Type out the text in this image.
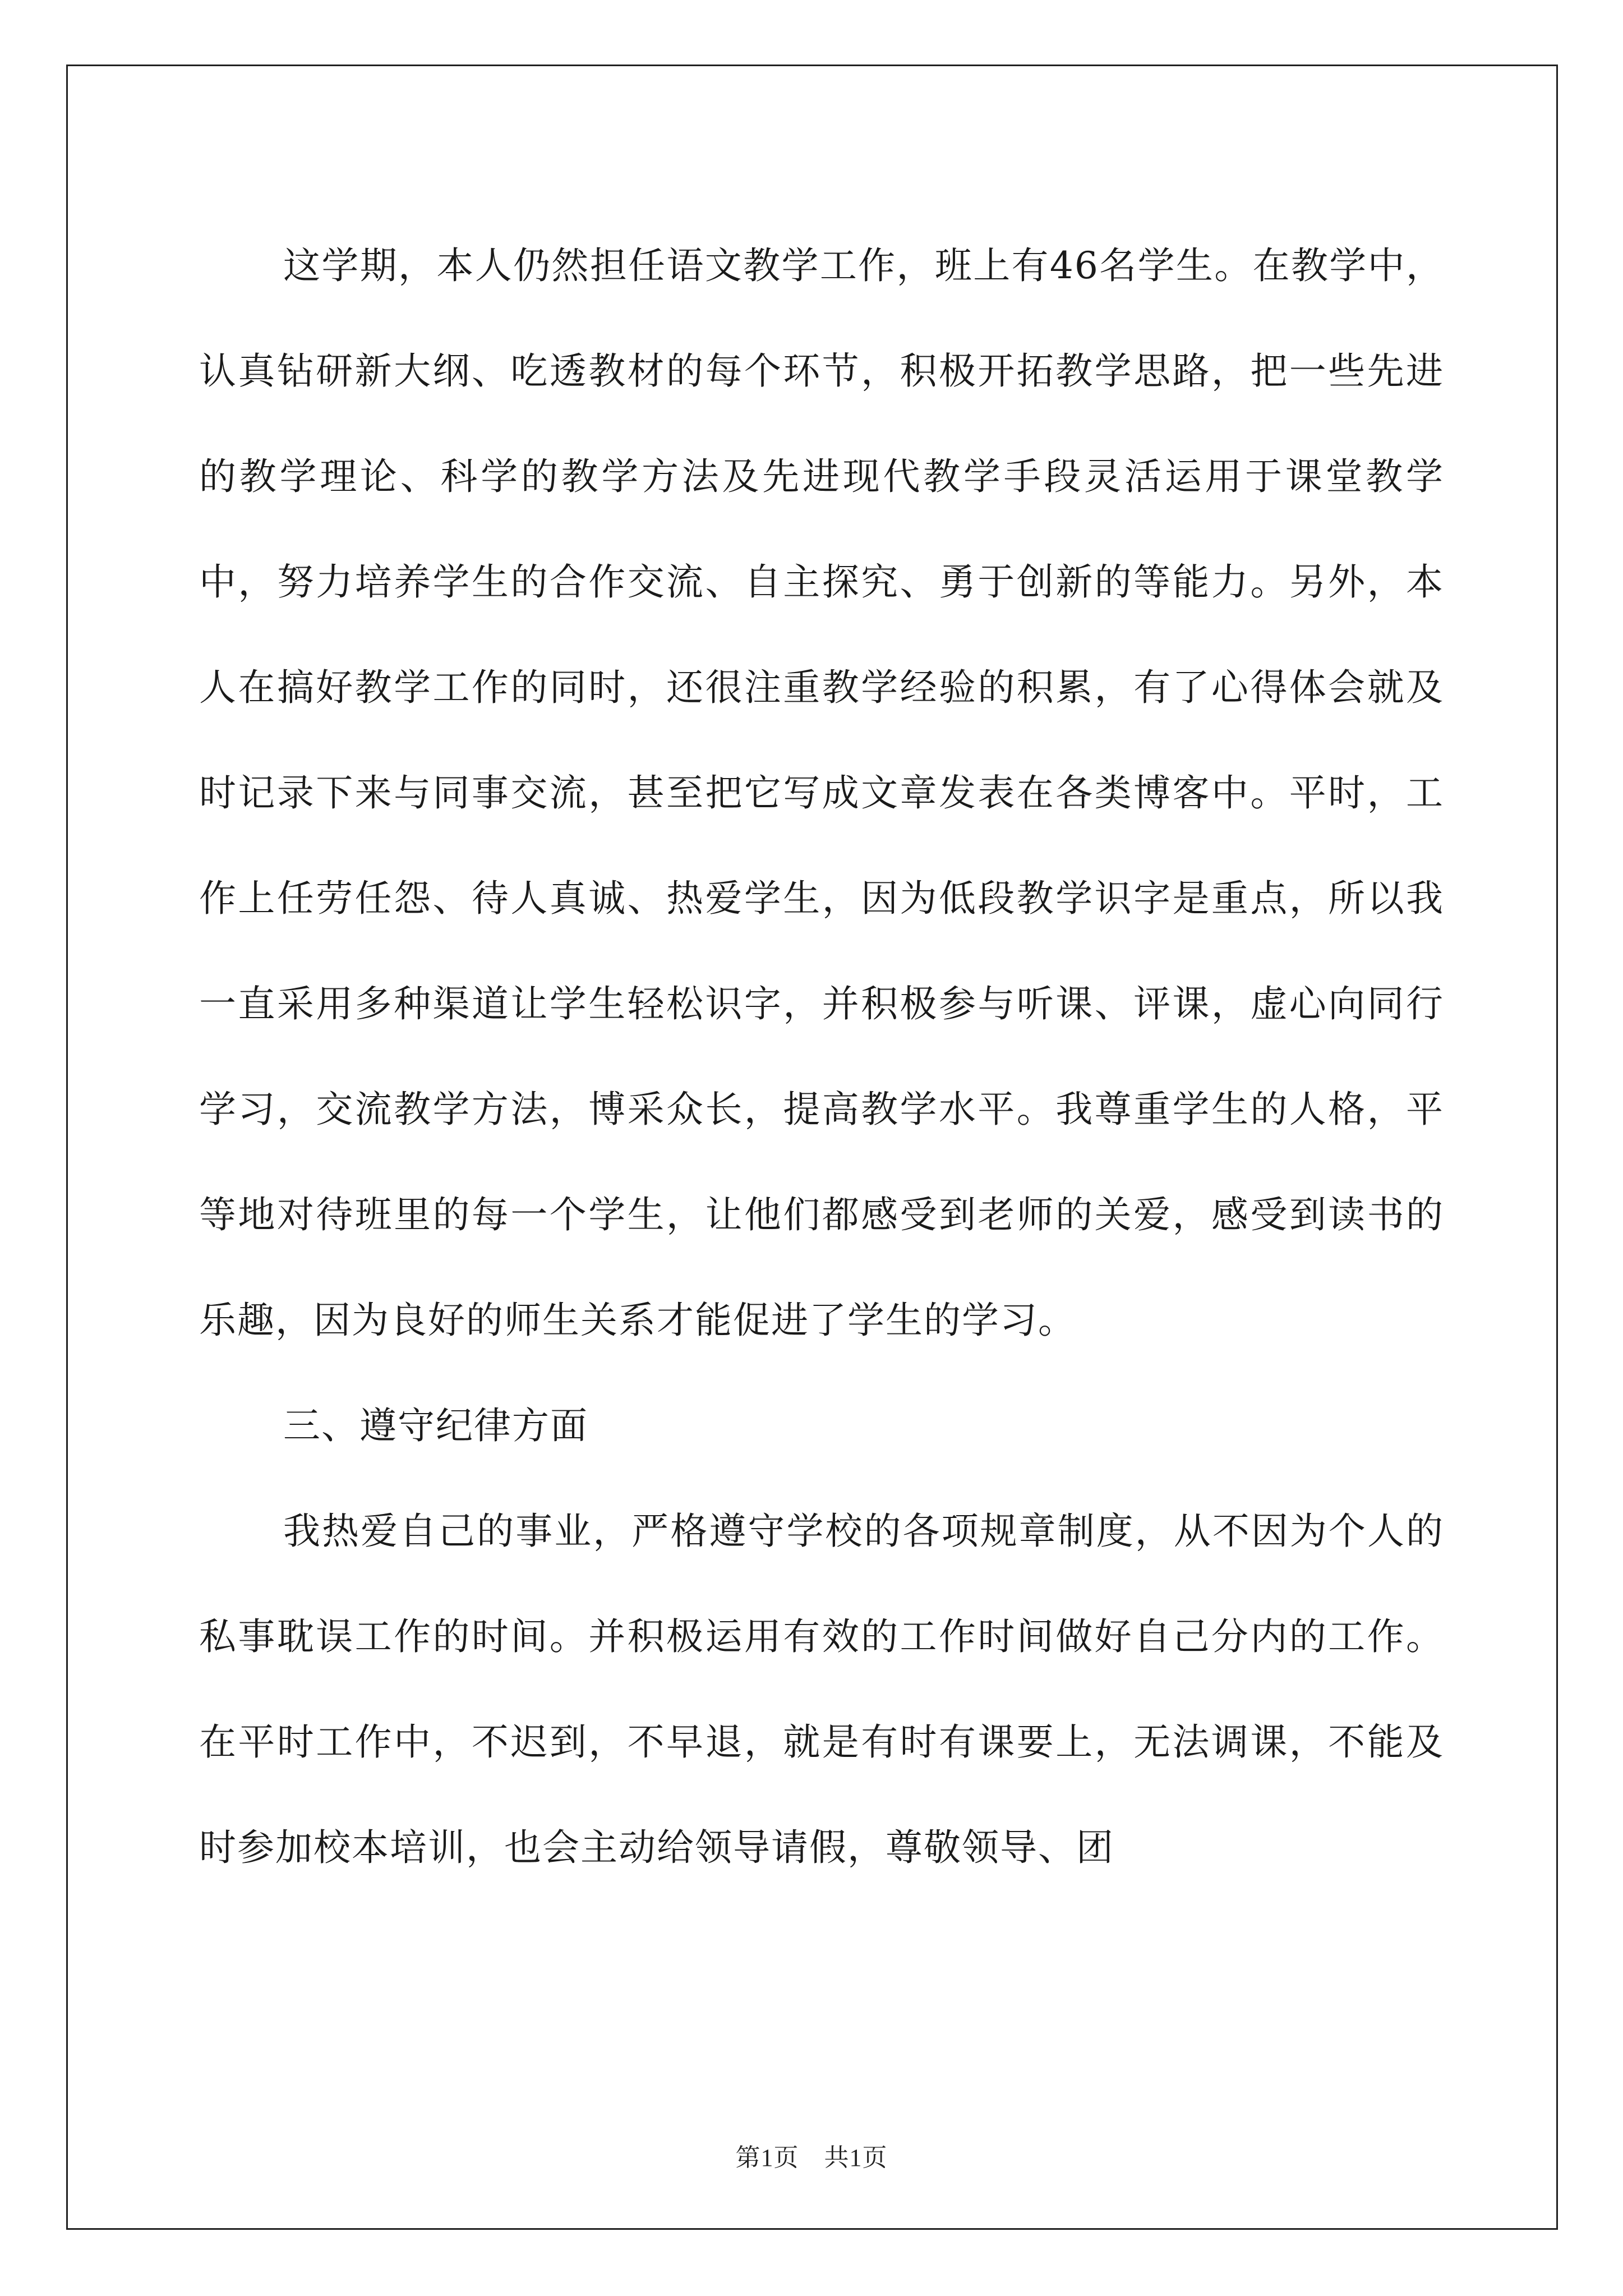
这学期，本人仍然担任语文教学工作，班上有46名学生。在教学中，认真钻研新大纲、吃透教材的每个环节，积极开拓教学思路，把一些先进的教学理论、科学的教学方法及先进现代教学手段灵活运用于课堂教学中，努力培养学生的合作交流、自主探究、勇于创新的等能力。另外，本人在搞好教学工作的同时，还很注重教学经验的积累，有了心得体会就及时记录下来与同事交流，甚至把它写成文章发表在各类博客中。平时，工作上任劳任怨、待人真诚、热爱学生，因为低段教学识字是重点，所以我一直采用多种渠道让学生轻松识字，并积极参与听课、评课，虚心向同行学习，交流教学方法，博采众长，提高教学水平。我尊重学生的人格，平等地对待班里的每一个学生，让他们都感受到老师的关爱，感受到读书的乐趣，因为良好的师生关系才能促进了学生的学习。

三、遵守纪律方面

我热爱自己的事业，严格遵守学校的各项规章制度，从不因为个人的私事耽误工作的时间。并积极运用有效的工作时间做好自己分内的工作。在平时工作中，不迟到，不早退，就是有时有课要上，无法调课，不能及时参加校本培训，也会主动给领导请假，尊敬领导、团

第1页　共1页
